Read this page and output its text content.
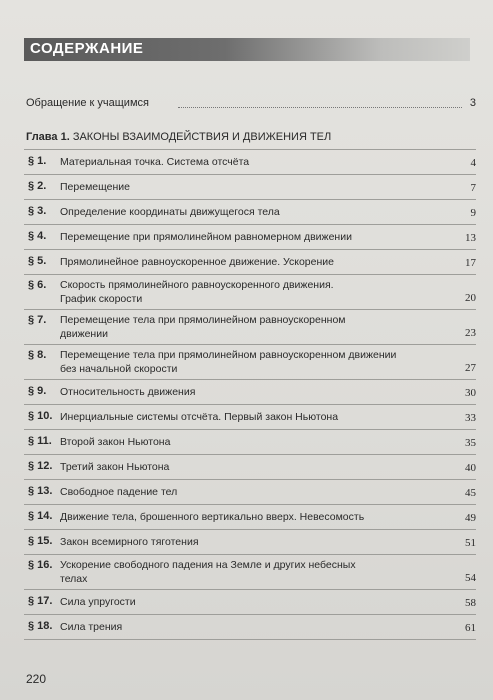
СОДЕРЖАНИЕ
Обращение к учащимся	3
Глава 1. ЗАКОНЫ ВЗАИМОДЕЙСТВИЯ И ДВИЖЕНИЯ ТЕЛ
§ 1. Материальная точка. Система отсчёта	4
§ 2. Перемещение	7
§ 3. Определение координаты движущегося тела	9
§ 4. Перемещение при прямолинейном равномерном движении	13
§ 5. Прямолинейное равноускоренное движение. Ускорение	17
§ 6. Скорость прямолинейного равноускоренного движения.
График скорости	20
§ 7. Перемещение тела при прямолинейном равноускоренном
движении	23
§ 8. Перемещение тела при прямолинейном равноускоренном движении
без начальной скорости	27
§ 9. Относительность движения	30
§ 10. Инерциальные системы отсчёта. Первый закон Ньютона	33
§ 11. Второй закон Ньютона	35
§ 12. Третий закон Ньютона	40
§ 13. Свободное падение тел	45
§ 14. Движение тела, брошенного вертикально вверх. Невесомость	49
§ 15. Закон всемирного тяготения	51
§ 16. Ускорение свободного падения на Земле и других небесных
телах	54
§ 17. Сила упругости	58
§ 18. Сила трения	61
220
